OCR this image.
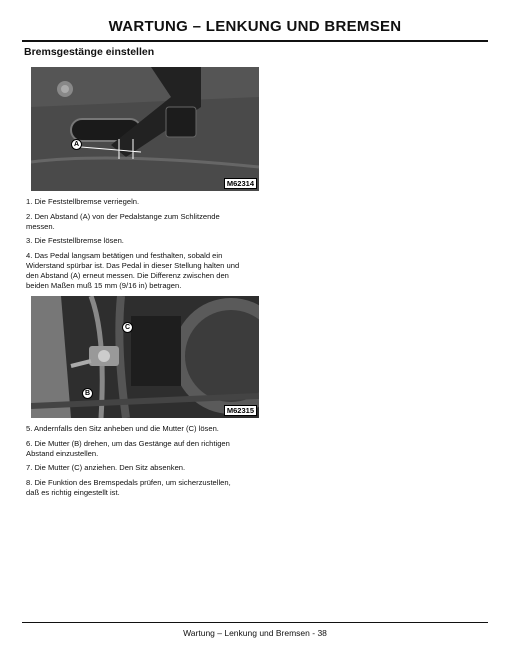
WARTUNG – LENKUNG UND BREMSEN
Bremsgestänge einstellen
A
M62314
1. Die Feststellbremse verriegeln.
2. Den Abstand (A) von der Pedalstange zum Schlitzende messen.
3. Die Feststellbremse lösen.
4. Das Pedal langsam betätigen und festhalten, sobald ein Widerstand spürbar ist. Das Pedal in dieser Stellung halten und den Abstand (A) erneut messen. Die Differenz zwischen den beiden Maßen muß 15 mm (9/16 in) betragen.
C
B
M62315
5. Andernfalls den Sitz anheben und die Mutter (C) lösen.
6. Die Mutter (B) drehen, um das Gestänge auf den richtigen Abstand einzustellen.
7. Die Mutter (C) anziehen. Den Sitz absenken.
8. Die Funktion des Bremspedals prüfen, um sicherzustellen, daß es richtig eingestellt ist.
Wartung – Lenkung und Bremsen - 38
